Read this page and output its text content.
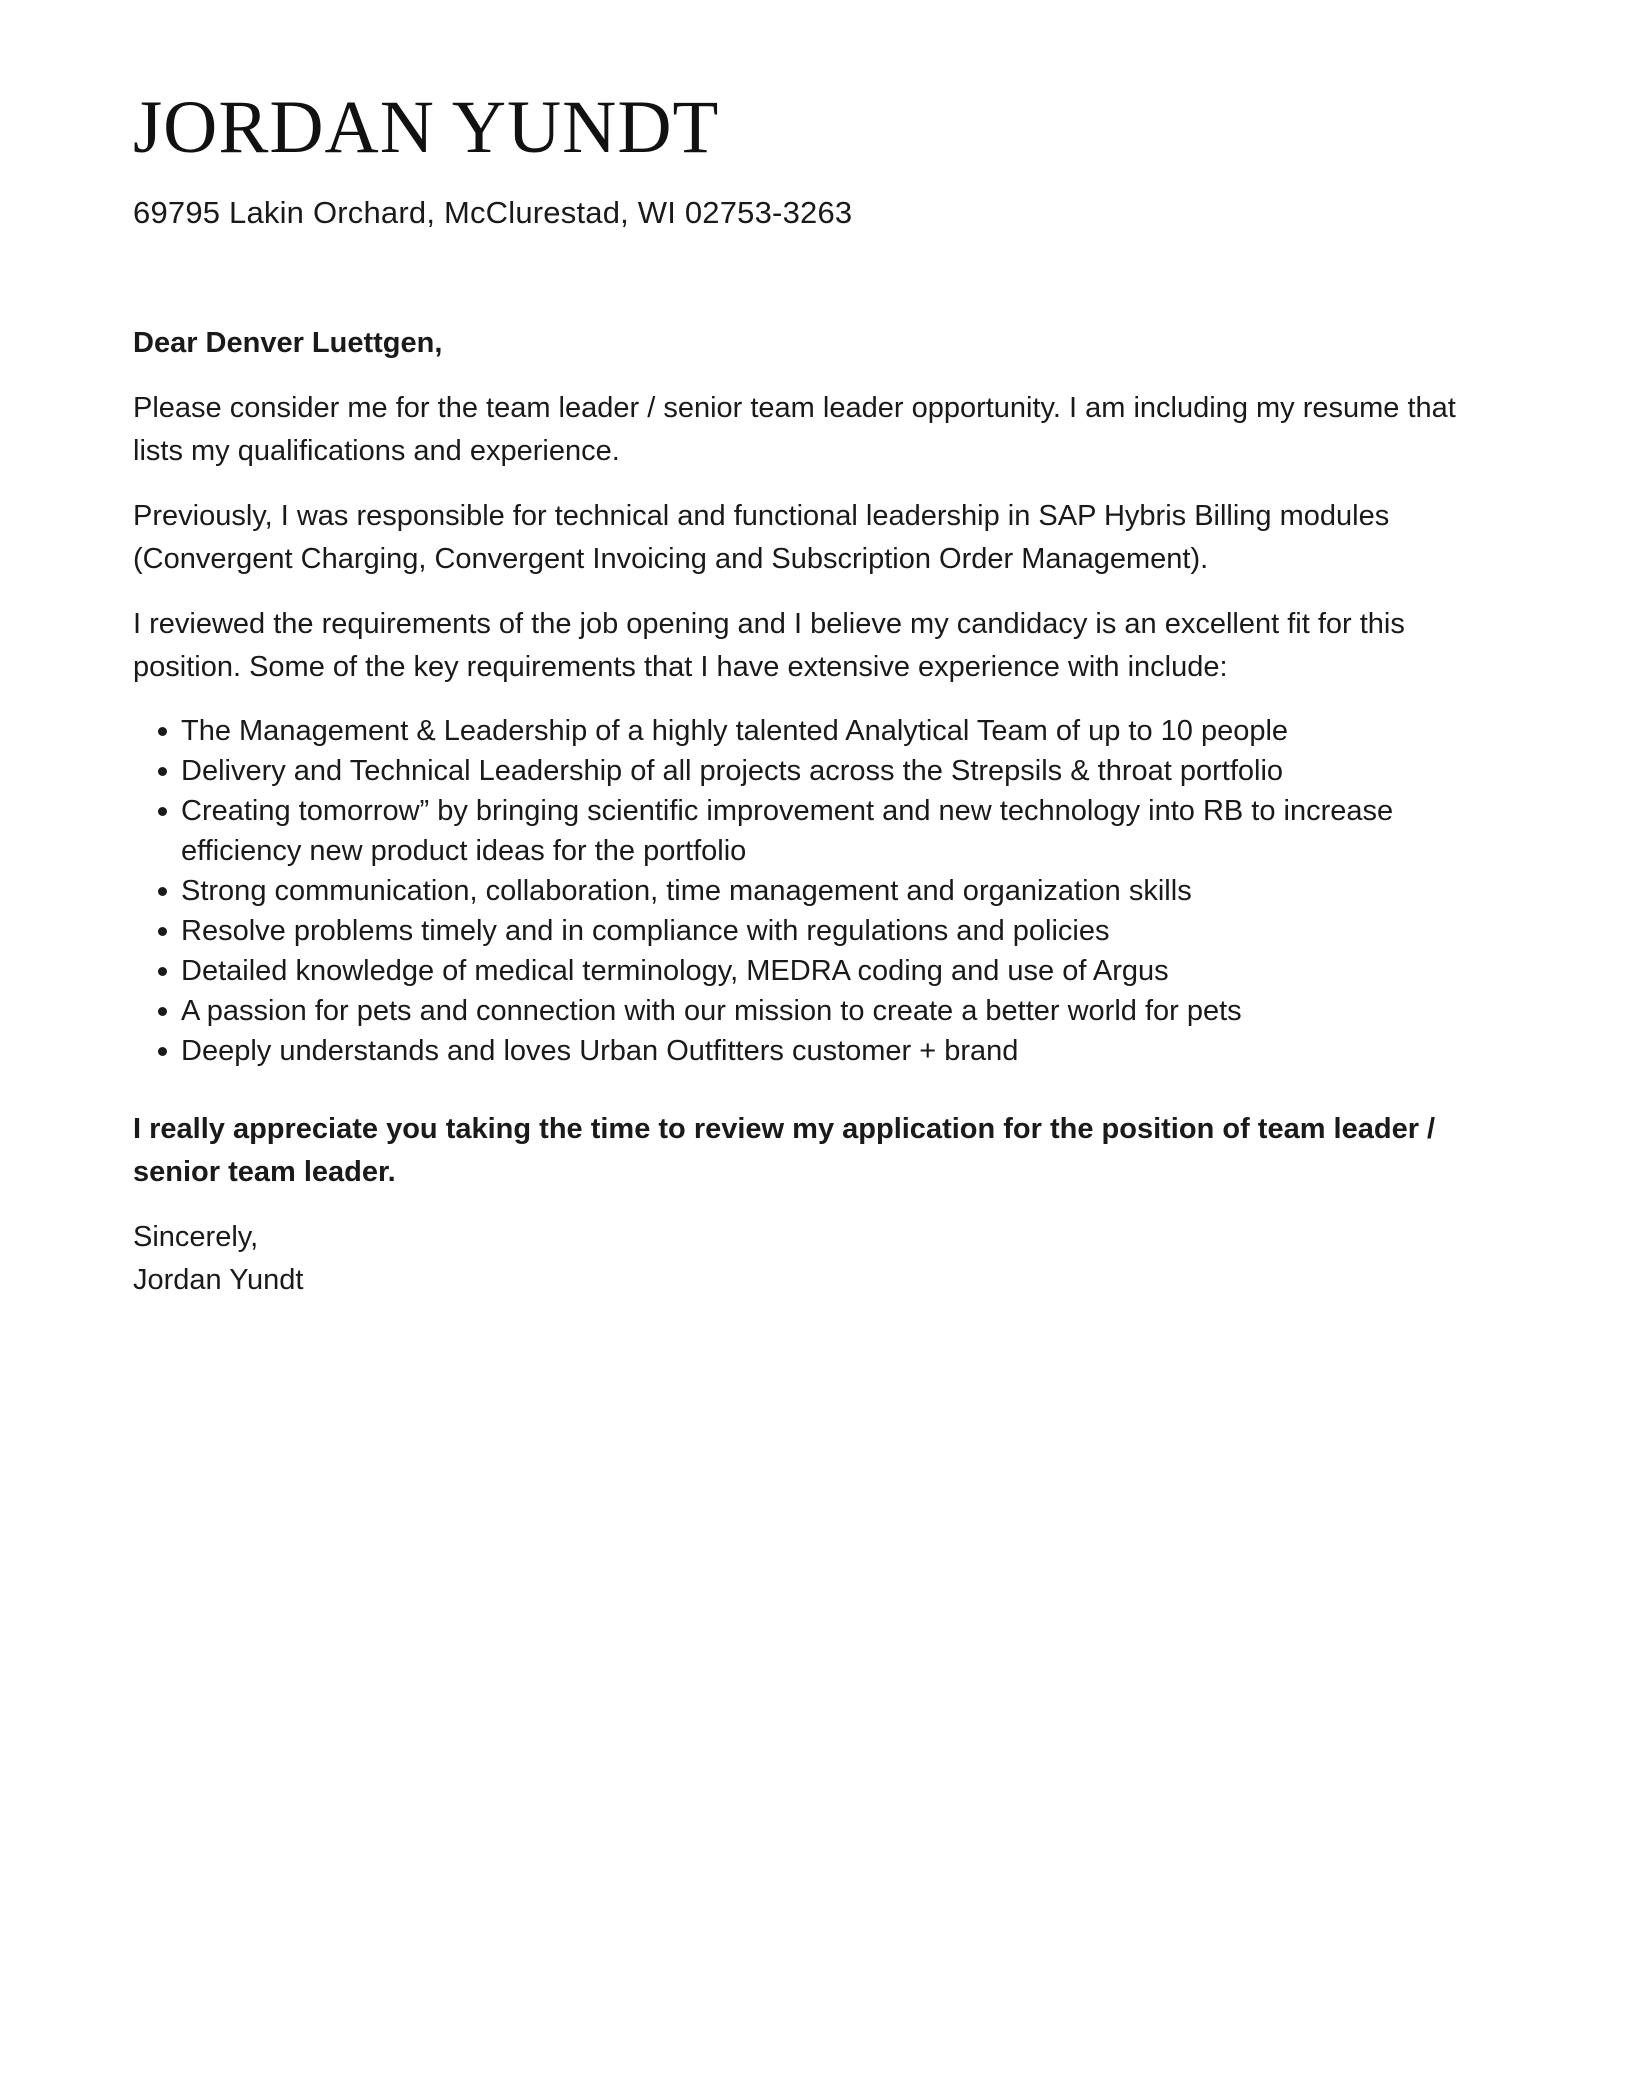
JORDAN YUNDT
69795 Lakin Orchard, McClurestad, WI 02753-3263
Dear Denver Luettgen,

Please consider me for the team leader / senior team leader opportunity. I am including my resume that lists my qualifications and experience.

Previously, I was responsible for technical and functional leadership in SAP Hybris Billing modules (Convergent Charging, Convergent Invoicing and Subscription Order Management).

I reviewed the requirements of the job opening and I believe my candidacy is an excellent fit for this position. Some of the key requirements that I have extensive experience with include:

The Management & Leadership of a highly talented Analytical Team of up to 10 people
Delivery and Technical Leadership of all projects across the Strepsils & throat portfolio
Creating tomorrow” by bringing scientific improvement and new technology into RB to increase efficiency new product ideas for the portfolio
Strong communication, collaboration, time management and organization skills
Resolve problems timely and in compliance with regulations and policies
Detailed knowledge of medical terminology, MEDRA coding and use of Argus
A passion for pets and connection with our mission to create a better world for pets
Deeply understands and loves Urban Outfitters customer + brand

I really appreciate you taking the time to review my application for the position of team leader / senior team leader.

Sincerely,
Jordan Yundt
